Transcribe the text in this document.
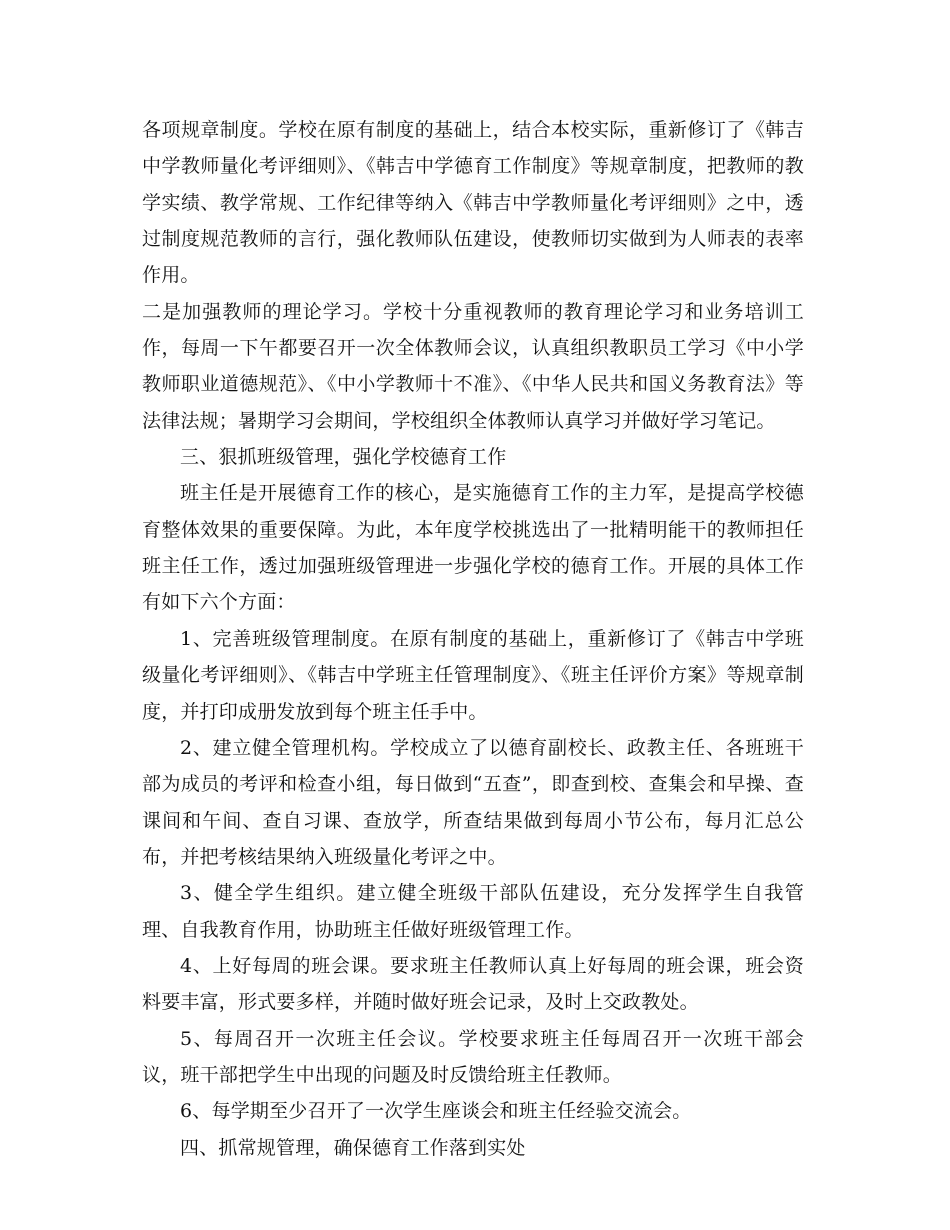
各项规章制度。学校在原有制度的基础上，结合本校实际，重新修订了《韩吉中学教师量化考评细则》、《韩吉中学德育工作制度》等规章制度，把教师的教学实绩、教学常规、工作纪律等纳入《韩吉中学教师量化考评细则》之中，透过制度规范教师的言行，强化教师队伍建设，使教师切实做到为人师表的表率作用。

二是加强教师的理论学习。学校十分重视教师的教育理论学习和业务培训工作，每周一下午都要召开一次全体教师会议，认真组织教职员工学习《中小学教师职业道德规范》、《中小学教师十不准》、《中华人民共和国义务教育法》等法律法规；暑期学习会期间，学校组织全体教师认真学习并做好学习笔记。

三、狠抓班级管理，强化学校德育工作

班主任是开展德育工作的核心，是实施德育工作的主力军，是提高学校德育整体效果的重要保障。为此，本年度学校挑选出了一批精明能干的教师担任班主任工作，透过加强班级管理进一步强化学校的德育工作。开展的具体工作有如下六个方面：

1、完善班级管理制度。在原有制度的基础上，重新修订了《韩吉中学班级量化考评细则》、《韩吉中学班主任管理制度》、《班主任评价方案》等规章制度，并打印成册发放到每个班主任手中。

2、建立健全管理机构。学校成立了以德育副校长、政教主任、各班班干部为成员的考评和检查小组，每日做到“五查”，即查到校、查集会和早操、查课间和午间、查自习课、查放学，所查结果做到每周小节公布，每月汇总公布，并把考核结果纳入班级量化考评之中。

3、健全学生组织。建立健全班级干部队伍建设，充分发挥学生自我管理、自我教育作用，协助班主任做好班级管理工作。

4、上好每周的班会课。要求班主任教师认真上好每周的班会课，班会资料要丰富，形式要多样，并随时做好班会记录，及时上交政教处。

5、每周召开一次班主任会议。学校要求班主任每周召开一次班干部会议，班干部把学生中出现的问题及时反馈给班主任教师。

6、每学期至少召开了一次学生座谈会和班主任经验交流会。

四、抓常规管理，确保德育工作落到实处
